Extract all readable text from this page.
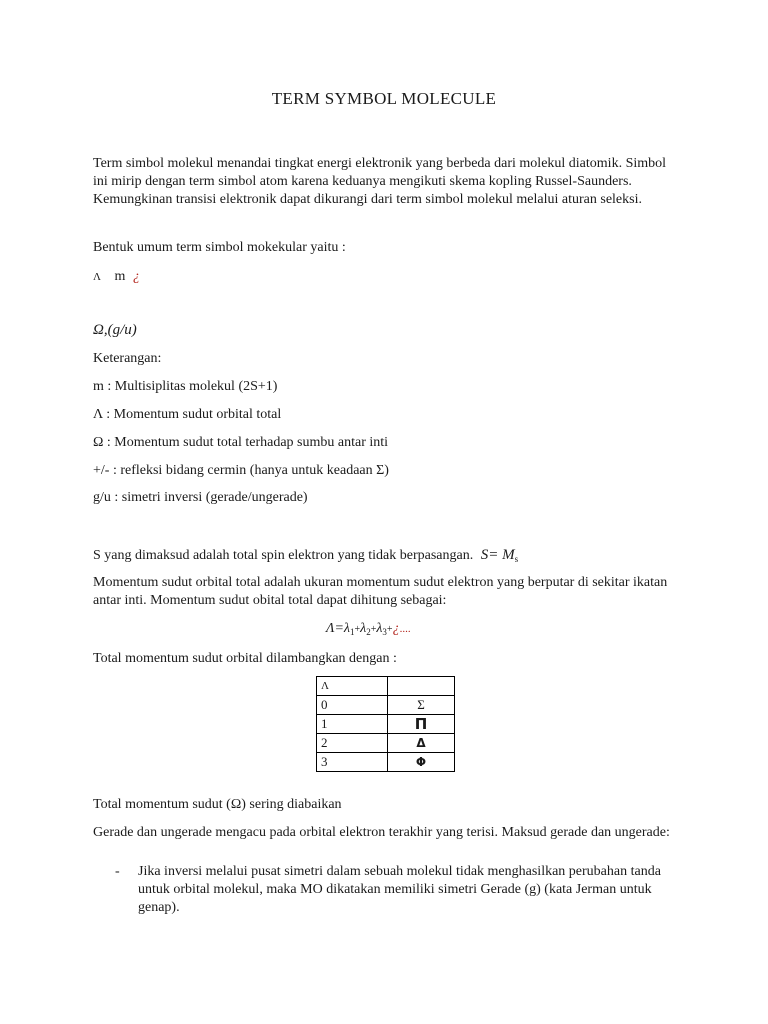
TERM SYMBOL MOLECULE
Term simbol molekul menandai tingkat energi elektronik yang berbeda dari molekul diatomik. Simbol ini mirip dengan term simbol atom karena keduanya mengikuti skema kopling Russel-Saunders. Kemungkinan transisi elektronik dapat dikurangi dari term simbol molekul melalui aturan seleksi.
Bentuk umum term simbol mokekular yaitu :
Λ m ¿
Ω,(g/u)
Keterangan:
m : Multisiplitas molekul (2S+1)
Λ : Momentum sudut orbital total
Ω : Momentum sudut total terhadap sumbu antar inti
+/- : refleksi bidang cermin (hanya untuk keadaan Σ)
g/u : simetri inversi (gerade/ungerade)
S yang dimaksud adalah total spin elektron yang tidak berpasangan. $S= M_s$
Momentum sudut orbital total adalah ukuran momentum sudut elektron yang berputar di sekitar ikatan antar inti. Momentum sudut obital total dapat dihitung sebagai:
$\Lambda=\lambda_1+\lambda_2+\lambda_3+¿$....
Total momentum sudut orbital dilambangkan dengan :
Λ	
0	Σ
1	Π
2	Δ
3	Φ
Total momentum sudut (Ω) sering diabaikan
Gerade dan ungerade mengacu pada orbital elektron terakhir yang terisi. Maksud gerade dan ungerade:
- Jika inversi melalui pusat simetri dalam sebuah molekul tidak menghasilkan perubahan tanda untuk orbital molekul, maka MO dikatakan memiliki simetri Gerade (g) (kata Jerman untuk genap).
